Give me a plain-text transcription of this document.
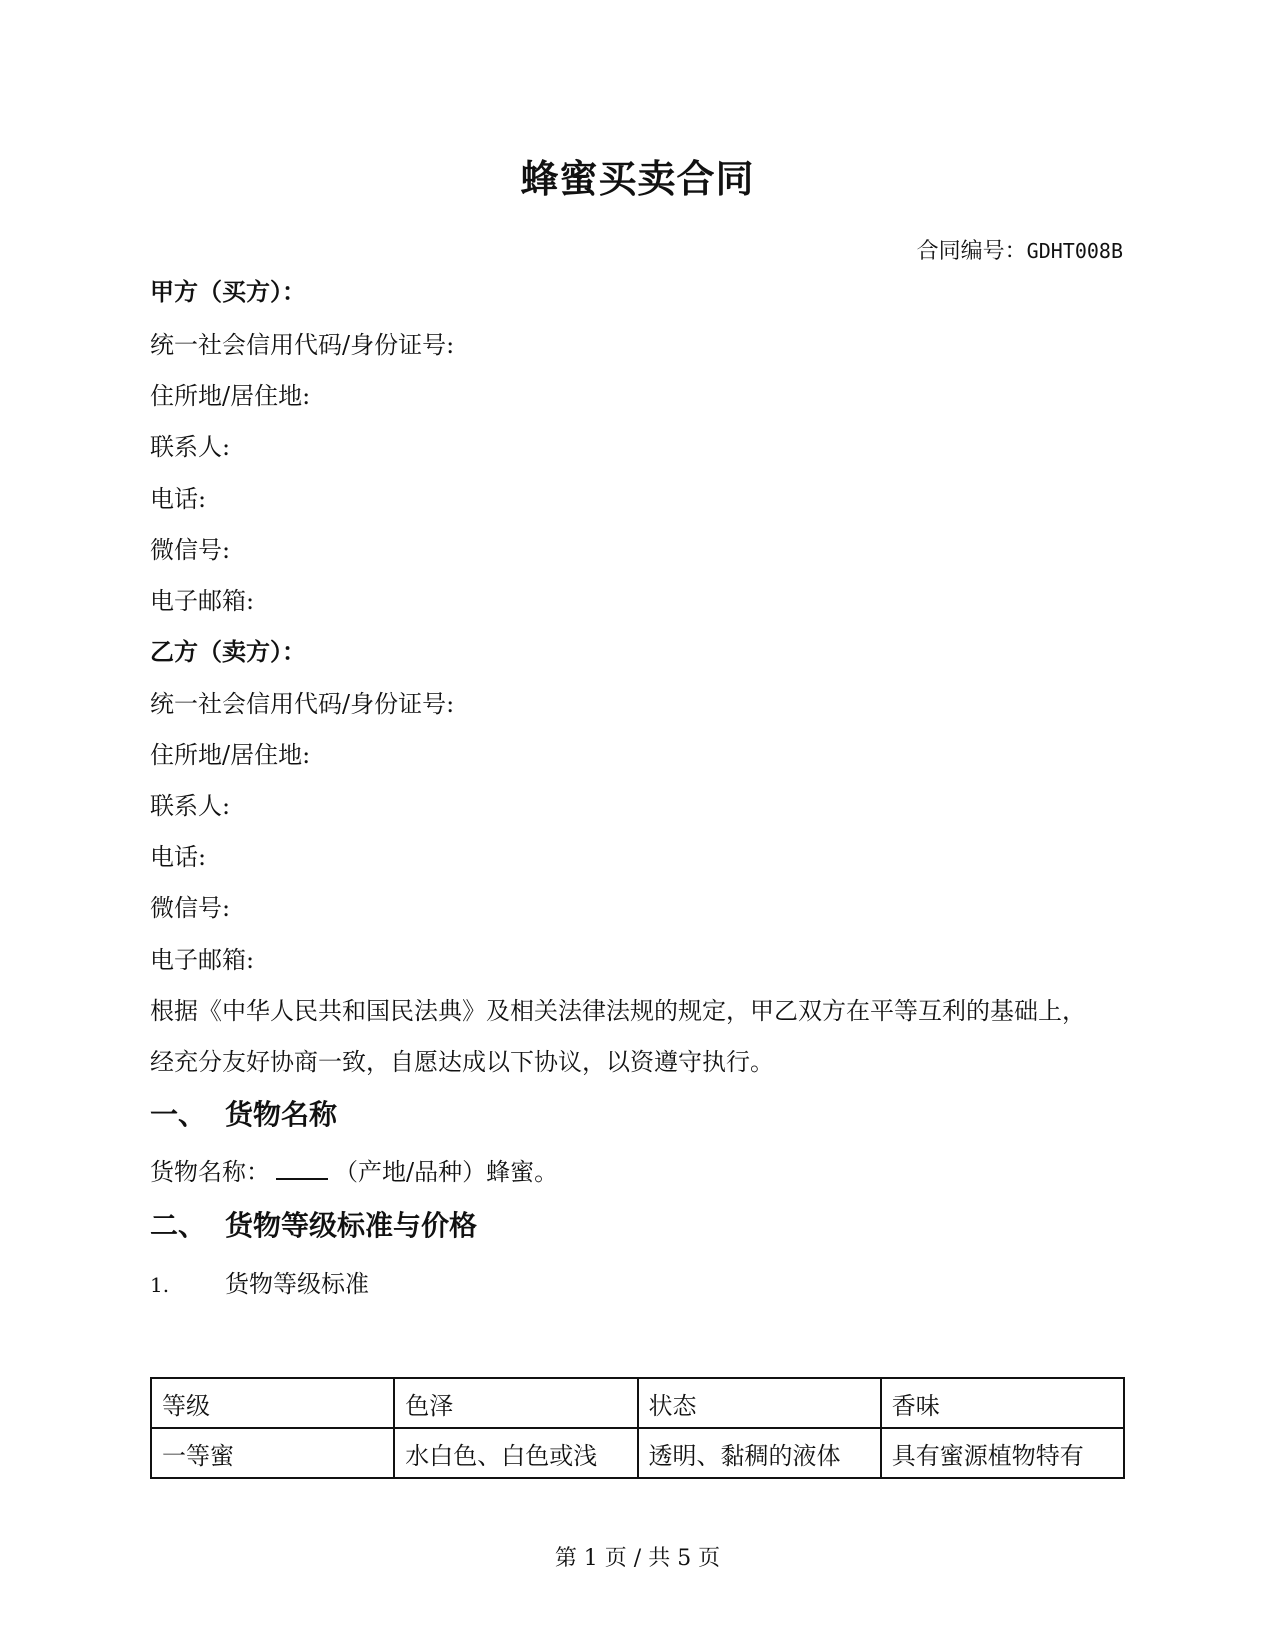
蜂蜜买卖合同
合同编号：GDHT008B
甲方（买方）：
统一社会信用代码/身份证号:
住所地/居住地:
联系人:
电话:
微信号:
电子邮箱:
乙方（卖方）：
统一社会信用代码/身份证号:
住所地/居住地:
联系人:
电话:
微信号:
电子邮箱:
根据《中华人民共和国民法典》及相关法律法规的规定，甲乙双方在平等互利的基础上，
经充分友好协商一致，自愿达成以下协议，以资遵守执行。
一、 货物名称
货物名称：	（产地/品种）蜂蜜。
二、 货物等级标准与价格
1. 货物等级标准
等级	色泽	状态	香味
一等蜜	水白色、白色或浅	透明、黏稠的液体	具有蜜源植物特有
第 1 页 / 共 5 页
